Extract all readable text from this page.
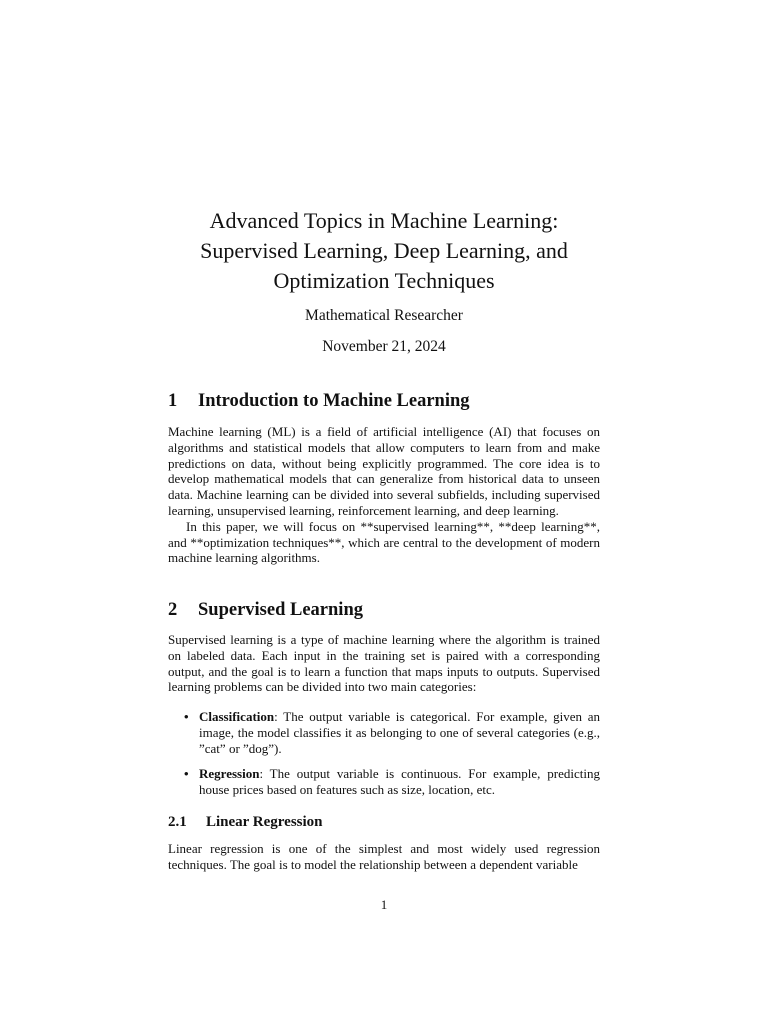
Advanced Topics in Machine Learning:
Supervised Learning, Deep Learning, and
Optimization Techniques

Mathematical Researcher

November 21, 2024

1 Introduction to Machine Learning

Machine learning (ML) is a field of artificial intelligence (AI) that focuses on algorithms and statistical models that allow computers to learn from and make predictions on data, without being explicitly programmed. The core idea is to develop mathematical models that can generalize from historical data to unseen data. Machine learning can be divided into several subfields, including supervised learning, unsupervised learning, reinforcement learning, and deep learning.

In this paper, we will focus on **supervised learning**, **deep learning**, and **optimization techniques**, which are central to the development of modern machine learning algorithms.

2 Supervised Learning

Supervised learning is a type of machine learning where the algorithm is trained on labeled data. Each input in the training set is paired with a corresponding output, and the goal is to learn a function that maps inputs to outputs. Supervised learning problems can be divided into two main categories:

• Classification: The output variable is categorical. For example, given an image, the model classifies it as belonging to one of several categories (e.g., ”cat” or ”dog”).
• Regression: The output variable is continuous. For example, predicting house prices based on features such as size, location, etc.
2.1 Linear Regression

Linear regression is one of the simplest and most widely used regression techniques. The goal is to model the relationship between a dependent variable

1
